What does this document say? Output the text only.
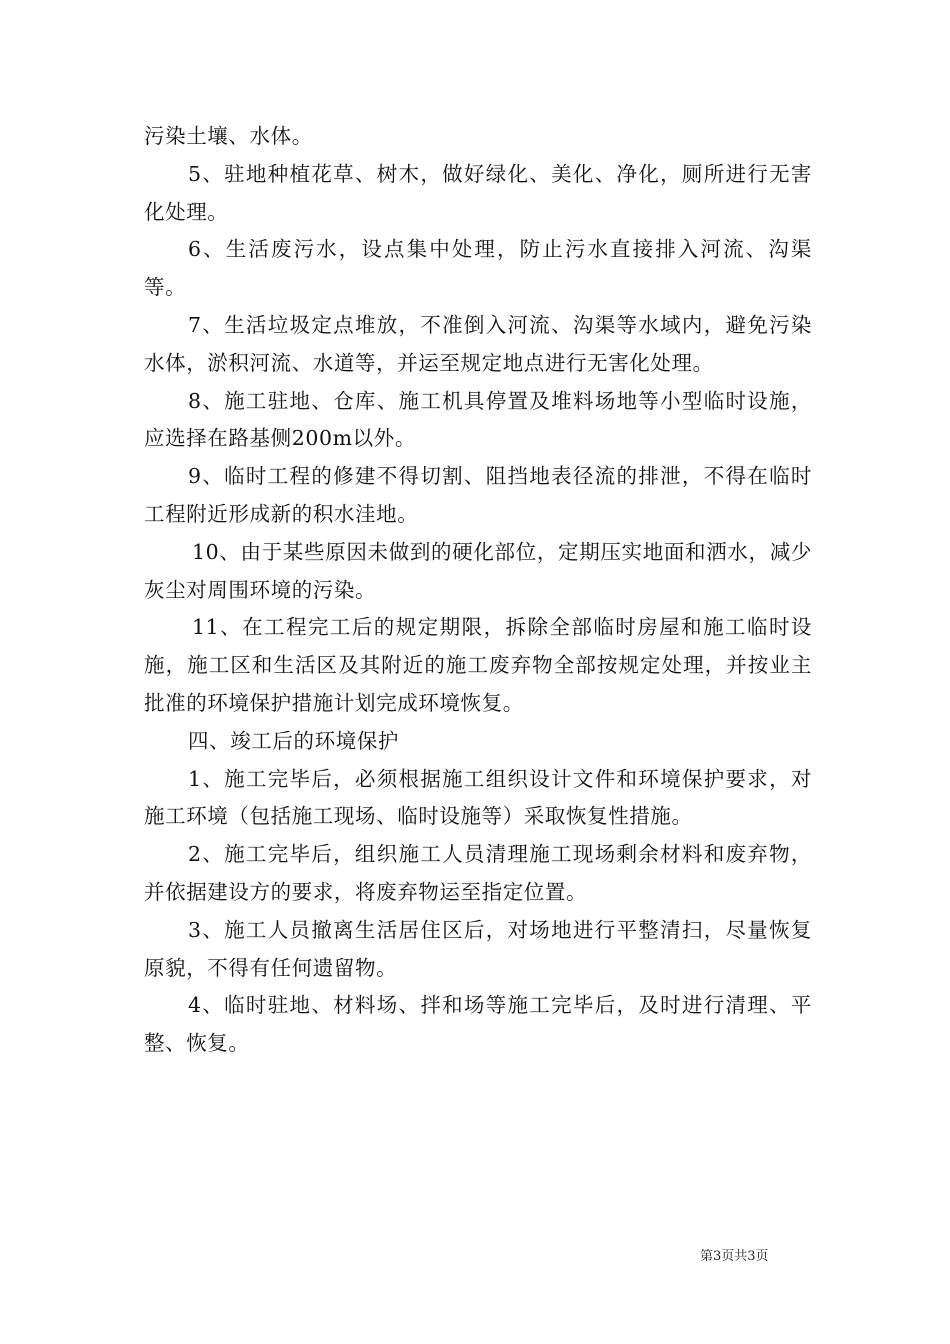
污染土壤、水体。

5、驻地种植花草、树木，做好绿化、美化、净化，厕所进行无害化处理。

6、生活废污水，设点集中处理，防止污水直接排入河流、沟渠等。

7、生活垃圾定点堆放，不准倒入河流、沟渠等水域内，避免污染水体，淤积河流、水道等，并运至规定地点进行无害化处理。

8、施工驻地、仓库、施工机具停置及堆料场地等小型临时设施，应选择在路基侧200m以外。

9、临时工程的修建不得切割、阻挡地表径流的排泄，不得在临时工程附近形成新的积水洼地。

10、由于某些原因未做到的硬化部位，定期压实地面和洒水，减少灰尘对周围环境的污染。

11、在工程完工后的规定期限，拆除全部临时房屋和施工临时设施，施工区和生活区及其附近的施工废弃物全部按规定处理，并按业主批准的环境保护措施计划完成环境恢复。

四、竣工后的环境保护

1、施工完毕后，必须根据施工组织设计文件和环境保护要求，对施工环境（包括施工现场、临时设施等）采取恢复性措施。

2、施工完毕后，组织施工人员清理施工现场剩余材料和废弃物，并依据建设方的要求，将废弃物运至指定位置。

3、施工人员撤离生活居住区后，对场地进行平整清扫，尽量恢复原貌，不得有任何遗留物。

4、临时驻地、材料场、拌和场等施工完毕后，及时进行清理、平整、恢复。

第3页共3页
